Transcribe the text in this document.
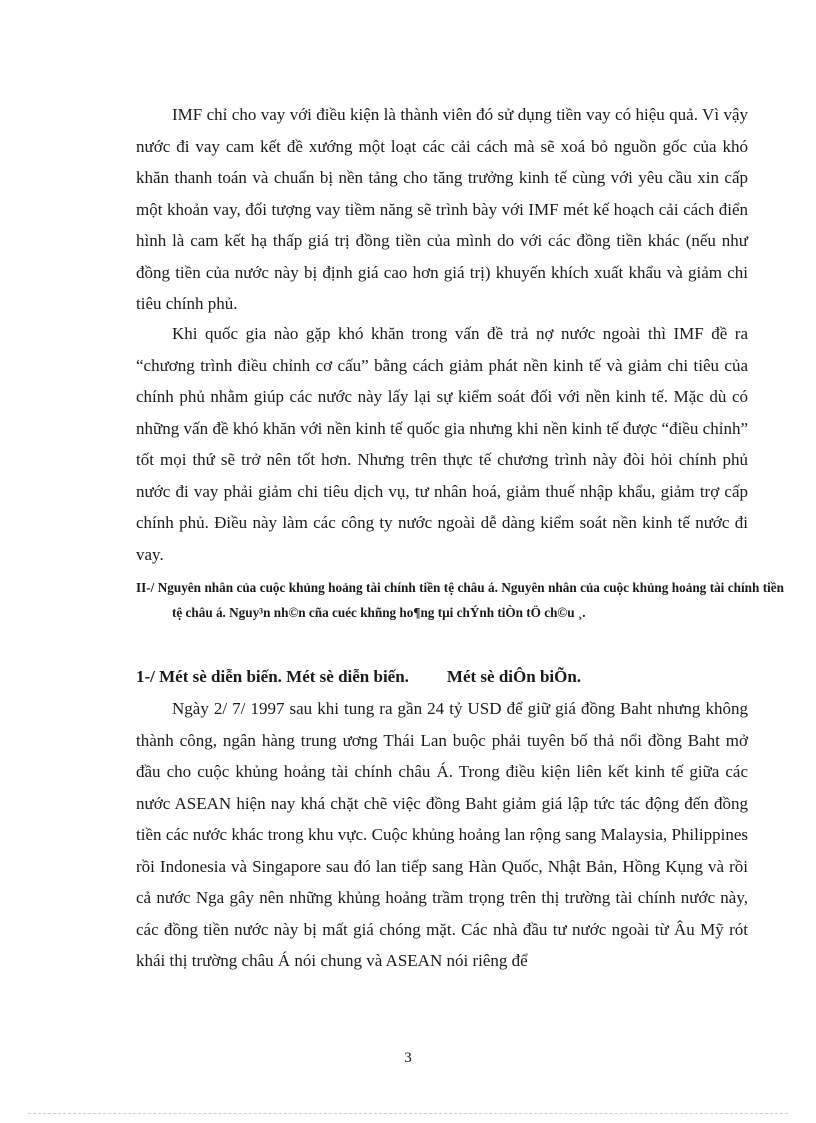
IMF chỉ cho vay với điều kiện là thành viên đó sử dụng tiền vay có hiệu quả. Vì vậy nước đi vay cam kết đề xướng một loạt các cải cách mà sẽ xoá bỏ nguồn gốc của khó khăn thanh toán và chuẩn bị nền tảng cho tăng trưởng kinh tế cùng với yêu cầu xin cấp một khoản vay, đối tượng vay tiềm năng sẽ trình bày với IMF mét kế hoạch cải cách điển hình là cam kết hạ thấp giá trị đồng tiền của mình do với các đồng tiền khác (nếu như đồng tiền của nước này bị định giá cao hơn giá trị) khuyến khích xuất khẩu và giảm chi tiêu chính phủ.

Khi quốc gia nào gặp khó khăn trong vấn đề trả nợ nước ngoài thì IMF đề ra “chương trình điều chỉnh cơ cấu” bằng cách giảm phát nền kinh tế và giảm chi tiêu của chính phủ nhằm giúp các nước này lấy lại sự kiểm soát đối với nền kinh tế. Mặc dù có những vấn đề khó khăn với nền kinh tế quốc gia nhưng khi nền kinh tế được “điều chỉnh” tốt mọi thứ sẽ trở nên tốt hơn. Nhưng trên thực tế chương trình này đòi hỏi chính phủ nước đi vay phải giảm chi tiêu dịch vụ, tư nhân hoá, giảm thuế nhập khẩu, giảm trợ cấp chính phủ. Điều này làm các công ty nước ngoài dễ dàng kiểm soát nền kinh tế nước đi vay.

II-/ Nguyên nhân của cuộc khủng hoảng tài chính tiền tệ châu á. Nguyên nhân của cuộc khủng hoảng tài chính tiền tệ châu á. Nguy³n nh©n cña cuéc khñng ho¶ng tµi chÝnh tiÒn tÖ ch©u ¸.

1-/ Mét sè diễn biến. Mét sè diễn biến. Mét sè diÔn biÕn.

Ngày 2/ 7/ 1997 sau khi tung ra gần 24 tỷ USD để giữ giá đồng Baht nhưng không thành công, ngân hàng trung ương Thái Lan buộc phải tuyên bố thả nổi đồng Baht mở đầu cho cuộc khủng hoảng tài chính châu Á. Trong điều kiện liên kết kinh tế giữa các nước ASEAN hiện nay khá chặt chẽ việc đồng Baht giảm giá lập tức tác động đến đồng tiền các nước khác trong khu vực. Cuộc khủng hoảng lan rộng sang Malaysia, Philippines rồi Indonesia và Singapore sau đó lan tiếp sang Hàn Quốc, Nhật Bản, Hồng Kụng và rồi cả nước Nga gây nên những khủng hoảng trầm trọng trên thị trường tài chính nước này, các đồng tiền nước này bị mất giá chóng mặt. Các nhà đầu tư nước ngoài từ Âu Mỹ rót khái thị trường châu Á nói chung và ASEAN nói riêng để

3
